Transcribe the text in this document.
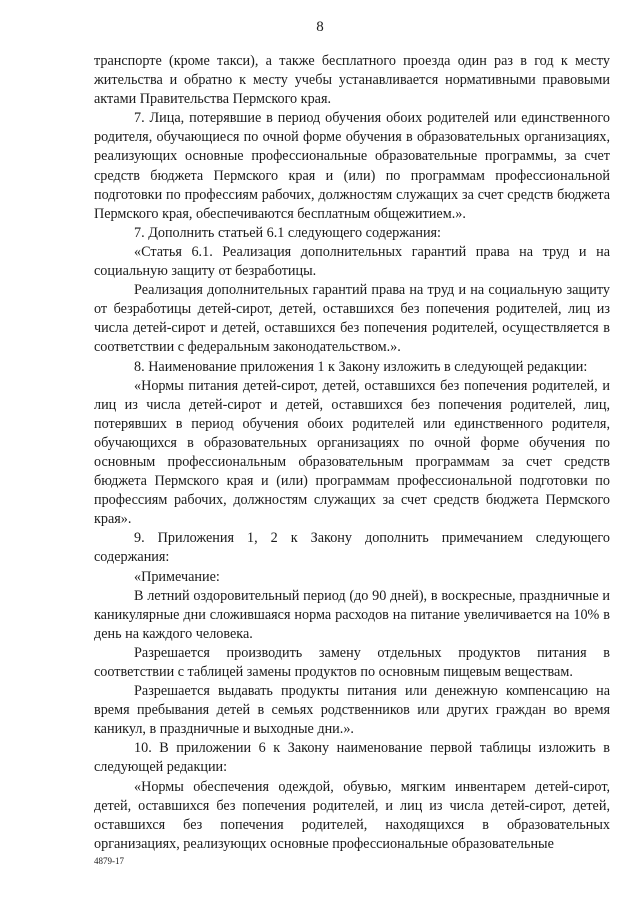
8

транспорте (кроме такси), а также бесплатного проезда один раз в год к месту жительства и обратно к месту учебы устанавливается нормативными правовыми актами Правительства Пермского края.

7. Лица, потерявшие в период обучения обоих родителей или единственного родителя, обучающиеся по очной форме обучения в образовательных организациях, реализующих основные профессиональные образовательные программы, за счет средств бюджета Пермского края и (или) по программам профессиональной подготовки по профессиям рабочих, должностям служащих за счет средств бюджета Пермского края, обеспечиваются бесплатным общежитием.».

7. Дополнить статьей 6.1 следующего содержания:

«Статья 6.1. Реализация дополнительных гарантий права на труд и на социальную защиту от безработицы.

Реализация дополнительных гарантий права на труд и на социальную защиту от безработицы детей-сирот, детей, оставшихся без попечения родителей, лиц из числа детей-сирот и детей, оставшихся без попечения родителей, осуществляется в соответствии с федеральным законодательством.».

8. Наименование приложения 1 к Закону изложить в следующей редакции:

«Нормы питания детей-сирот, детей, оставшихся без попечения родителей, и лиц из числа детей-сирот и детей, оставшихся без попечения родителей, лиц, потерявших в период обучения обоих родителей или единственного родителя, обучающихся в образовательных организациях по очной форме обучения по основным профессиональным образовательным программам за счет средств бюджета Пермского края и (или) программам профессиональной подготовки по профессиям рабочих, должностям служащих за счет средств бюджета Пермского края».

9. Приложения 1, 2 к Закону дополнить примечанием следующего содержания:

«Примечание:

В летний оздоровительный период (до 90 дней), в воскресные, праздничные и каникулярные дни сложившаяся норма расходов на питание увеличивается на 10% в день на каждого человека.

Разрешается производить замену отдельных продуктов питания в соответствии с таблицей замены продуктов по основным пищевым веществам.

Разрешается выдавать продукты питания или денежную компенсацию на время пребывания детей в семьях родственников или других граждан во время каникул, в праздничные и выходные дни.».

10. В приложении 6 к Закону наименование первой таблицы изложить в следующей редакции:

«Нормы обеспечения одеждой, обувью, мягким инвентарем детей-сирот, детей, оставшихся без попечения родителей, и лиц из числа детей-сирот, детей, оставшихся без попечения родителей, находящихся в образовательных организациях, реализующих основные профессиональные образовательные

4879-17
